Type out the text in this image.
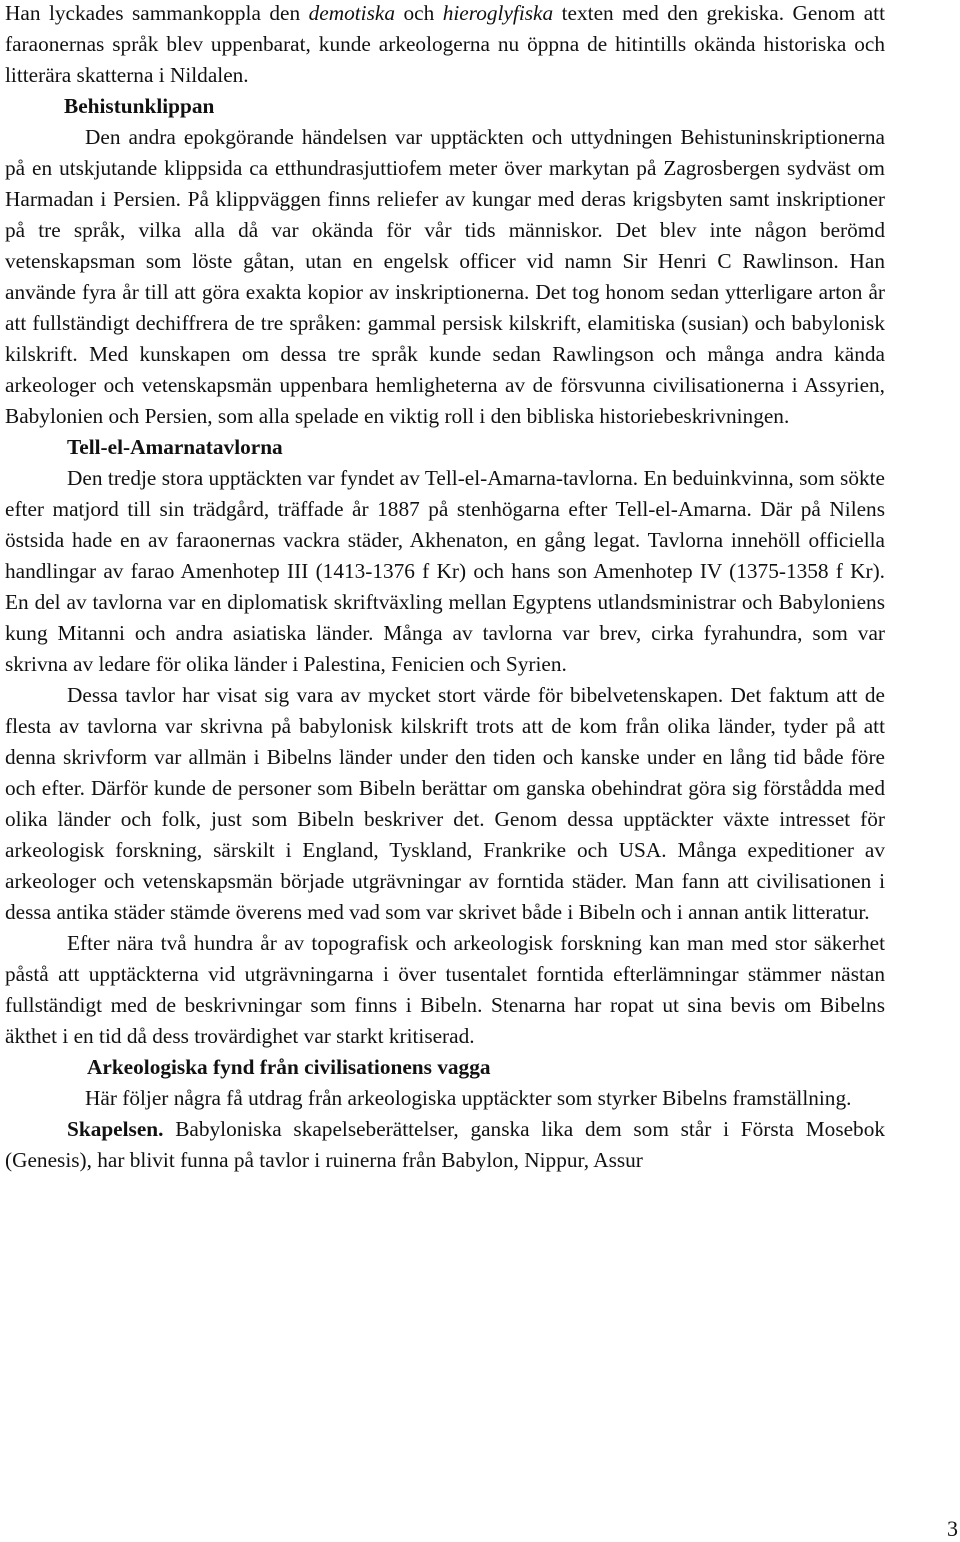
Han lyckades sammankoppla den demotiska och hieroglyfiska texten med den grekiska. Genom att faraonernas språk blev uppenbarat, kunde arkeologerna nu öppna de hitintills okända historiska och litterära skatterna i Nildalen.

Behistunklippan

Den andra epokgörande händelsen var upptäckten och uttydningen Behistuninskriptionerna på en utskjutande klippsida ca etthundrasjuttiofem meter över markytan på Zagrosbergen sydväst om Harmadan i Persien. På klippväggen finns reliefer av kungar med deras krigsbyten samt inskriptioner på tre språk, vilka alla då var okända för vår tids människor. Det blev inte någon berömd vetenskapsman som löste gåtan, utan en engelsk officer vid namn Sir Henri C Rawlinson. Han använde fyra år till att göra exakta kopior av inskriptionerna. Det tog honom sedan ytterligare arton år att fullständigt dechiffrera de tre språken: gammal persisk kilskrift, elamitiska (susian) och babylonisk kilskrift. Med kunskapen om dessa tre språk kunde sedan Rawlingson och många andra kända arkeologer och vetenskapsmän uppenbara hemligheterna av de försvunna civilisationerna i Assyrien, Babylonien och Persien, som alla spelade en viktig roll i den bibliska historiebeskrivningen.

Tell-el-Amarnatavlorna

Den tredje stora upptäckten var fyndet av Tell-el-Amarna-tavlorna. En beduinkvinna, som sökte efter matjord till sin trädgård, träffade år 1887 på stenhögarna efter Tell-el-Amarna. Där på Nilens östsida hade en av faraonernas vackra städer, Akhenaton, en gång legat. Tavlorna innehöll officiella handlingar av farao Amenhotep III (1413-1376 f Kr) och hans son Amenhotep IV (1375-1358 f Kr). En del av tavlorna var en diplomatisk skriftväxling mellan Egyptens utlandsministrar och Babyloniens kung Mitanni och andra asiatiska länder. Många av tavlorna var brev, cirka fyrahundra, som var skrivna av ledare för olika länder i Palestina, Fenicien och Syrien.

Dessa tavlor har visat sig vara av mycket stort värde för bibelvetenskapen. Det faktum att de flesta av tavlorna var skrivna på babylonisk kilskrift trots att de kom från olika länder, tyder på att denna skrivform var allmän i Bibelns länder under den tiden och kanske under en lång tid både före och efter. Därför kunde de personer som Bibeln berättar om ganska obehindrat göra sig förstådda med olika länder och folk, just som Bibeln beskriver det. Genom dessa upptäckter växte intresset för arkeologisk forskning, särskilt i England, Tyskland, Frankrike och USA. Många expeditioner av arkeologer och vetenskapsmän började utgrävningar av forntida städer. Man fann att civilisationen i dessa antika städer stämde överens med vad som var skrivet både i Bibeln och i annan antik litteratur.

Efter nära två hundra år av topografisk och arkeologisk forskning kan man med stor säkerhet påstå att upptäckterna vid utgrävningarna i över tusentalet forntida efterlämningar stämmer nästan fullständigt med de beskrivningar som finns i Bibeln. Stenarna har ropat ut sina bevis om Bibelns äkthet i en tid då dess trovärdighet var starkt kritiserad.

Arkeologiska fynd från civilisationens vagga

Här följer några få utdrag från arkeologiska upptäckter som styrker Bibelns framställning.

Skapelsen. Babyloniska skapelseberättelser, ganska lika dem som står i Första Mosebok (Genesis), har blivit funna på tavlor i ruinerna från Babylon, Nippur, Assur

3
